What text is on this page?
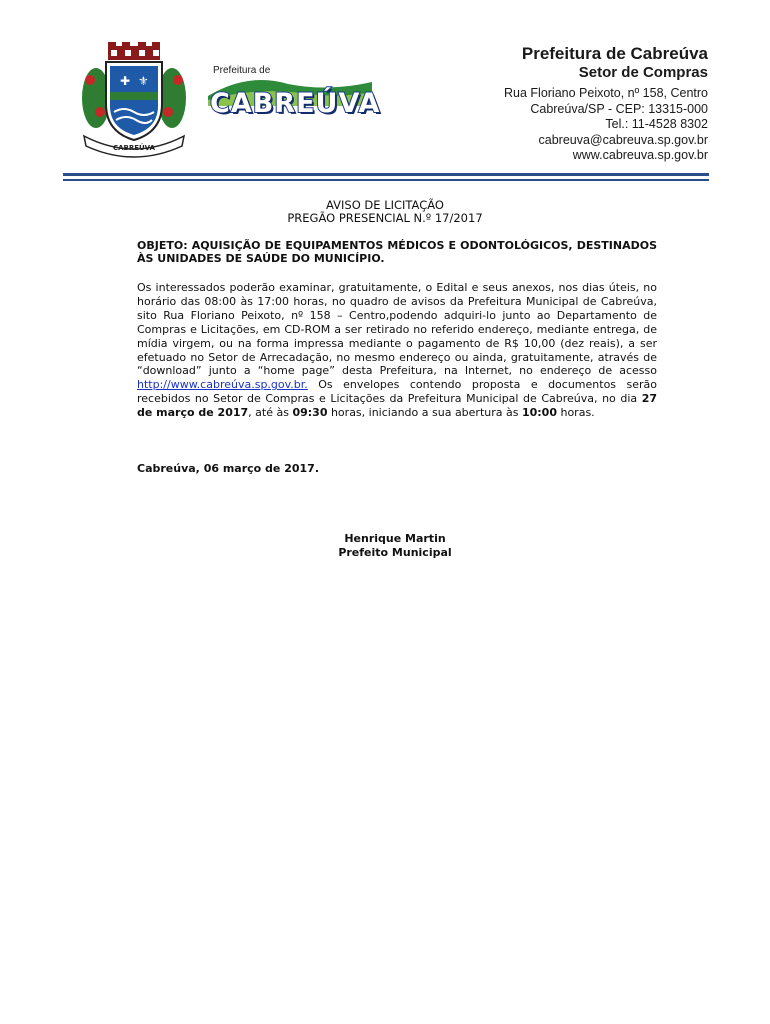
✚ ⚜
CABREÚVA
Prefeitura de
CABREÚVA
Prefeitura de Cabreúva
Setor de Compras
Rua Floriano Peixoto, nº 158, Centro
Cabreúva/SP - CEP: 13315-000
Tel.: 11-4528 8302
cabreuva@cabreuva.sp.gov.br
www.cabreuva.sp.gov.br
AVISO DE LICITAÇÃO
PREGÃO PRESENCIAL N.º 17/2017
OBJETO: AQUISIÇÃO DE EQUIPAMENTOS MÉDICOS E ODONTOLÓGICOS, DESTINADOS ÀS UNIDADES DE SAÚDE DO MUNICÍPIO.
Os interessados poderão examinar, gratuitamente, o Edital e seus anexos, nos dias úteis, no horário das 08:00 às 17:00 horas, no quadro de avisos da Prefeitura Municipal de Cabreúva, sito Rua Floriano Peixoto, nº 158 – Centro,podendo adquiri-lo junto ao Departamento de Compras e Licitações, em CD-ROM a ser retirado no referido endereço, mediante entrega, de mídia virgem, ou na forma impressa mediante o pagamento de R$ 10,00 (dez reais), a ser efetuado no Setor de Arrecadação, no mesmo endereço ou ainda, gratuitamente, através de “download” junto a “home page” desta Prefeitura, na Internet, no endereço de acesso http://www.cabreúva.sp.gov.br. Os envelopes contendo proposta e documentos serão recebidos no Setor de Compras e Licitações da Prefeitura Municipal de Cabreúva, no dia 27 de março de 2017, até às 09:30 horas, iniciando a sua abertura às 10:00 horas.
Cabreúva, 06 março de 2017.
Henrique Martin
Prefeito Municipal
